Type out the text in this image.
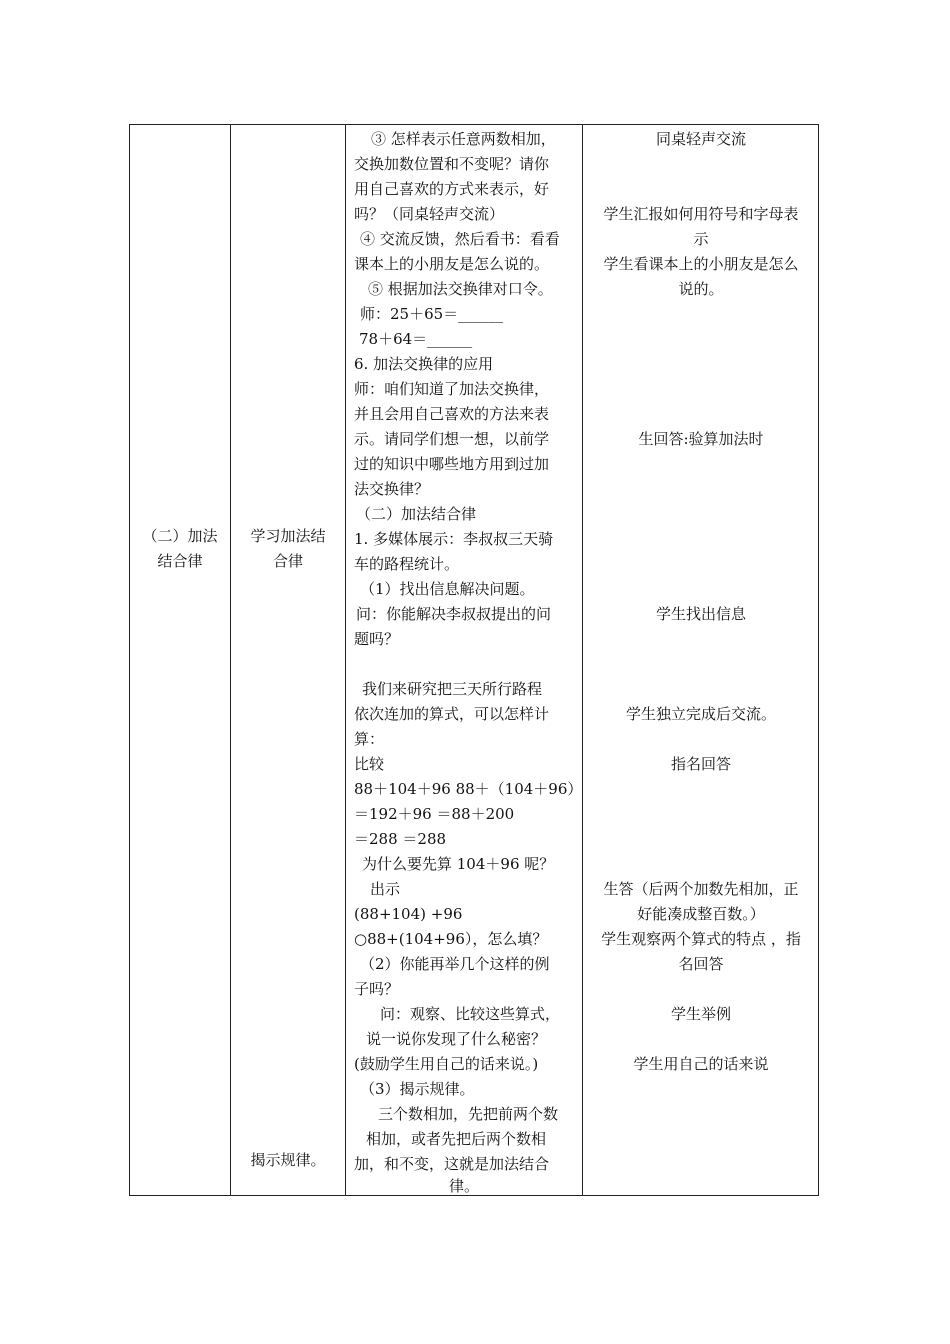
（二）加法
结合律
学习加法结
合律
揭示规律。
③ 怎样表示任意两数相加，
交换加数位置和不变呢？请你
用自己喜欢的方式来表示，好
吗？（同桌轻声交流）
④ 交流反馈，然后看书：看看
课本上的小朋友是怎么说的。
⑤ 根据加法交换律对口令。
师：25＋65＝______
78＋64＝______
6. 加法交换律的应用
师：咱们知道了加法交换律，
并且会用自己喜欢的方法来表
示。请同学们想一想，以前学
过的知识中哪些地方用到过加
法交换律？
（二）加法结合律
1. 多媒体展示：李叔叔三天骑
车的路程统计。
（1）找出信息解决问题。
问：你能解决李叔叔提出的问
题吗？
我们来研究把三天所行路程
依次连加的算式，可以怎样计
算：
比较
88＋104＋96 88＋（104＋96）
＝192＋96 ＝88＋200
＝288 ＝288
为什么要先算 104＋96 呢？
出示
(88+104) +96
○88+(104+96），怎么填？
（2）你能再举几个这样的例
子吗？
问：观察、比较这些算式，
说一说你发现了什么秘密？
(鼓励学生用自己的话来说。)
（3）揭示规律。
三个数相加，先把前两个数
相加，或者先把后两个数相
加，和不变，这就是加法结合
律。
同桌轻声交流
学生汇报如何用符号和字母表
示
学生看课本上的小朋友是怎么
说的。
生回答:验算加法时
学生找出信息
学生独立完成后交流。
指名回答
生答（后两个加数先相加，正
好能凑成整百数。）
学生观察两个算式的特点 ，指
名回答
学生举例
学生用自己的话来说
